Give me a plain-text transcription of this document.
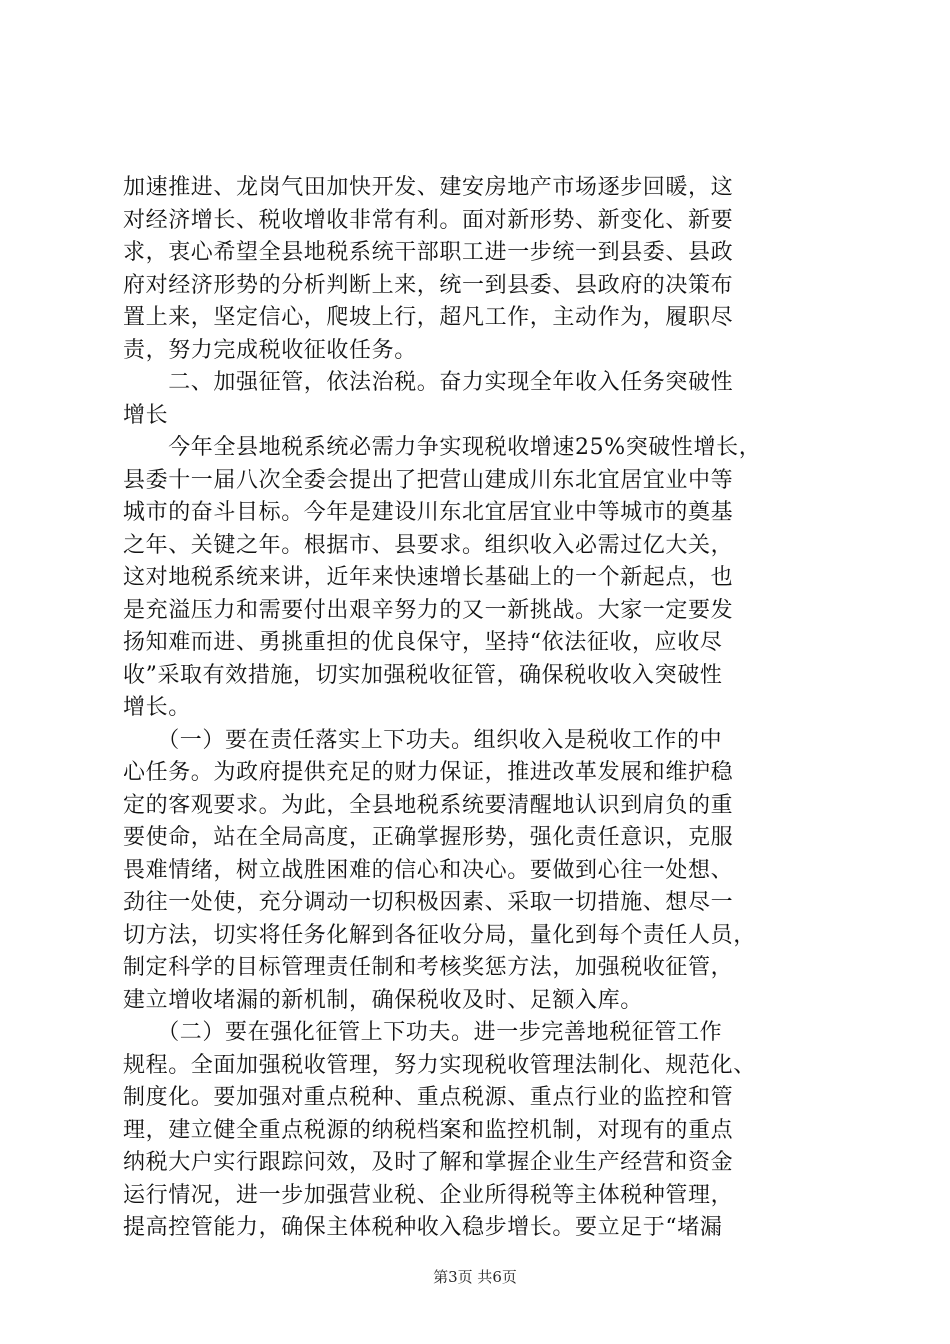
加速推进、龙岗气田加快开发、建安房地产市场逐步回暖，这
对经济增长、税收增收非常有利。面对新形势、新变化、新要
求，衷心希望全县地税系统干部职工进一步统一到县委、县政
府对经济形势的分析判断上来，统一到县委、县政府的决策布
置上来，坚定信心，爬坡上行，超凡工作，主动作为，履职尽
责，努力完成税收征收任务。
　　二、加强征管，依法治税。奋力实现全年收入任务突破性
增长
　　今年全县地税系统必需力争实现税收增速25%突破性增长，
县委十一届八次全委会提出了把营山建成川东北宜居宜业中等
城市的奋斗目标。今年是建设川东北宜居宜业中等城市的奠基
之年、关键之年。根据市、县要求。组织收入必需过亿大关，
这对地税系统来讲，近年来快速增长基础上的一个新起点，也
是充溢压力和需要付出艰辛努力的又一新挑战。大家一定要发
扬知难而进、勇挑重担的优良保守，坚持“依法征收，应收尽
收”采取有效措施，切实加强税收征管，确保税收收入突破性
增长。
　　（一）要在责任落实上下功夫。组织收入是税收工作的中
心任务。为政府提供充足的财力保证，推进改革发展和维护稳
定的客观要求。为此，全县地税系统要清醒地认识到肩负的重
要使命，站在全局高度，正确掌握形势，强化责任意识，克服
畏难情绪，树立战胜困难的信心和决心。要做到心往一处想、
劲往一处使，充分调动一切积极因素、采取一切措施、想尽一
切方法，切实将任务化解到各征收分局，量化到每个责任人员，
制定科学的目标管理责任制和考核奖惩方法，加强税收征管，
建立增收堵漏的新机制，确保税收及时、足额入库。
　　（二）要在强化征管上下功夫。进一步完善地税征管工作
规程。全面加强税收管理，努力实现税收管理法制化、规范化、
制度化。要加强对重点税种、重点税源、重点行业的监控和管
理，建立健全重点税源的纳税档案和监控机制，对现有的重点
纳税大户实行跟踪问效，及时了解和掌握企业生产经营和资金
运行情况，进一步加强营业税、企业所得税等主体税种管理，
提高控管能力，确保主体税种收入稳步增长。要立足于“堵漏
第3页 共6页
